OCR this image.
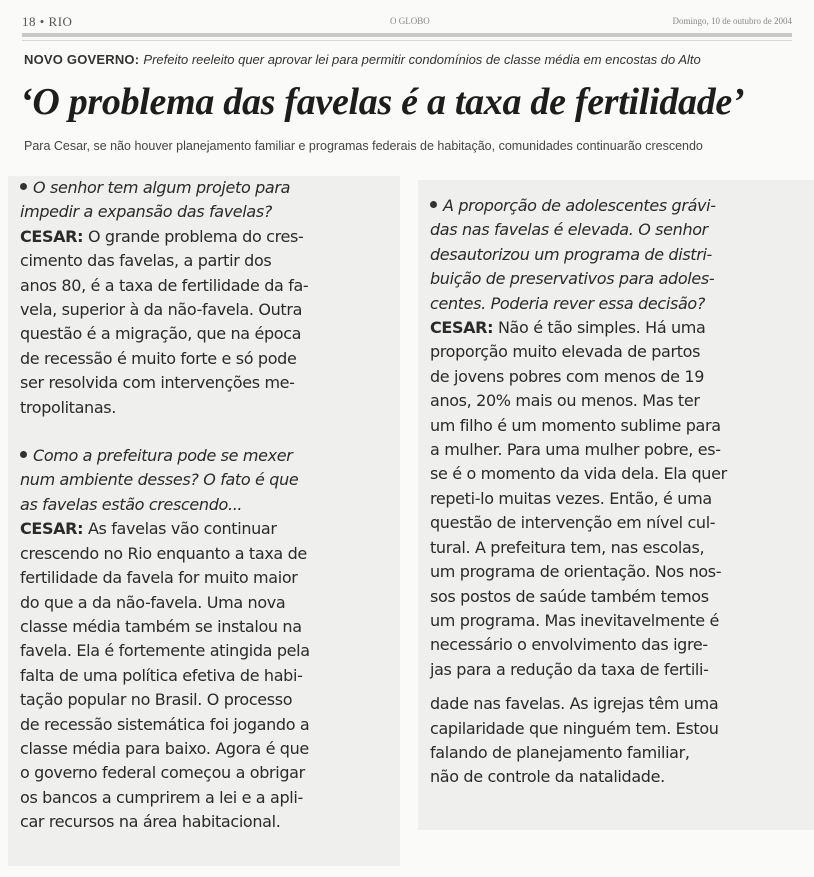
18 • RIO	O GLOBO	Domingo, 10 de outubro de 2004
NOVO GOVERNO: Prefeito reeleito quer aprovar lei para permitir condomínios de classe média em encostas do Alto
‘O problema das favelas é a taxa de fertilidade’
Para Cesar, se não houver planejamento familiar e programas federais de habitação, comunidades continuarão crescendo

O senhor tem algum projeto para

impedir a expansão das favelas?

CESAR: O grande problema do cres-

cimento das favelas, a partir dos

anos 80, é a taxa de fertilidade da fa-

vela, superior à da não-favela. Outra

questão é a migração, que na época

de recessão é muito forte e só pode

ser resolvida com intervenções me-

tropolitanas.

Como a prefeitura pode se mexer

num ambiente desses? O fato é que

as favelas estão crescendo...

CESAR: As favelas vão continuar

crescendo no Rio enquanto a taxa de

fertilidade da favela for muito maior

do que a da não-favela. Uma nova

classe média também se instalou na

favela. Ela é fortemente atingida pela

falta de uma política efetiva de habi-

tação popular no Brasil. O processo

de recessão sistemática foi jogando a

classe média para baixo. Agora é que

o governo federal começou a obrigar

os bancos a cumprirem a lei e a apli-

car recursos na área habitacional.

A proporção de adolescentes grávi-

das nas favelas é elevada. O senhor

desautorizou um programa de distri-

buição de preservativos para adoles-

centes. Poderia rever essa decisão?

CESAR: Não é tão simples. Há uma

proporção muito elevada de partos

de jovens pobres com menos de 19

anos, 20% mais ou menos. Mas ter

um filho é um momento sublime para

a mulher. Para uma mulher pobre, es-

se é o momento da vida dela. Ela quer

repeti-lo muitas vezes. Então, é uma

questão de intervenção em nível cul-

tural. A prefeitura tem, nas escolas,

um programa de orientação. Nos nos-

sos postos de saúde também temos

um programa. Mas inevitavelmente é

necessário o envolvimento das igre-

jas para a redução da taxa de fertili-

dade nas favelas. As igrejas têm uma

capilaridade que ninguém tem. Estou

falando de planejamento familiar,

não de controle da natalidade.
